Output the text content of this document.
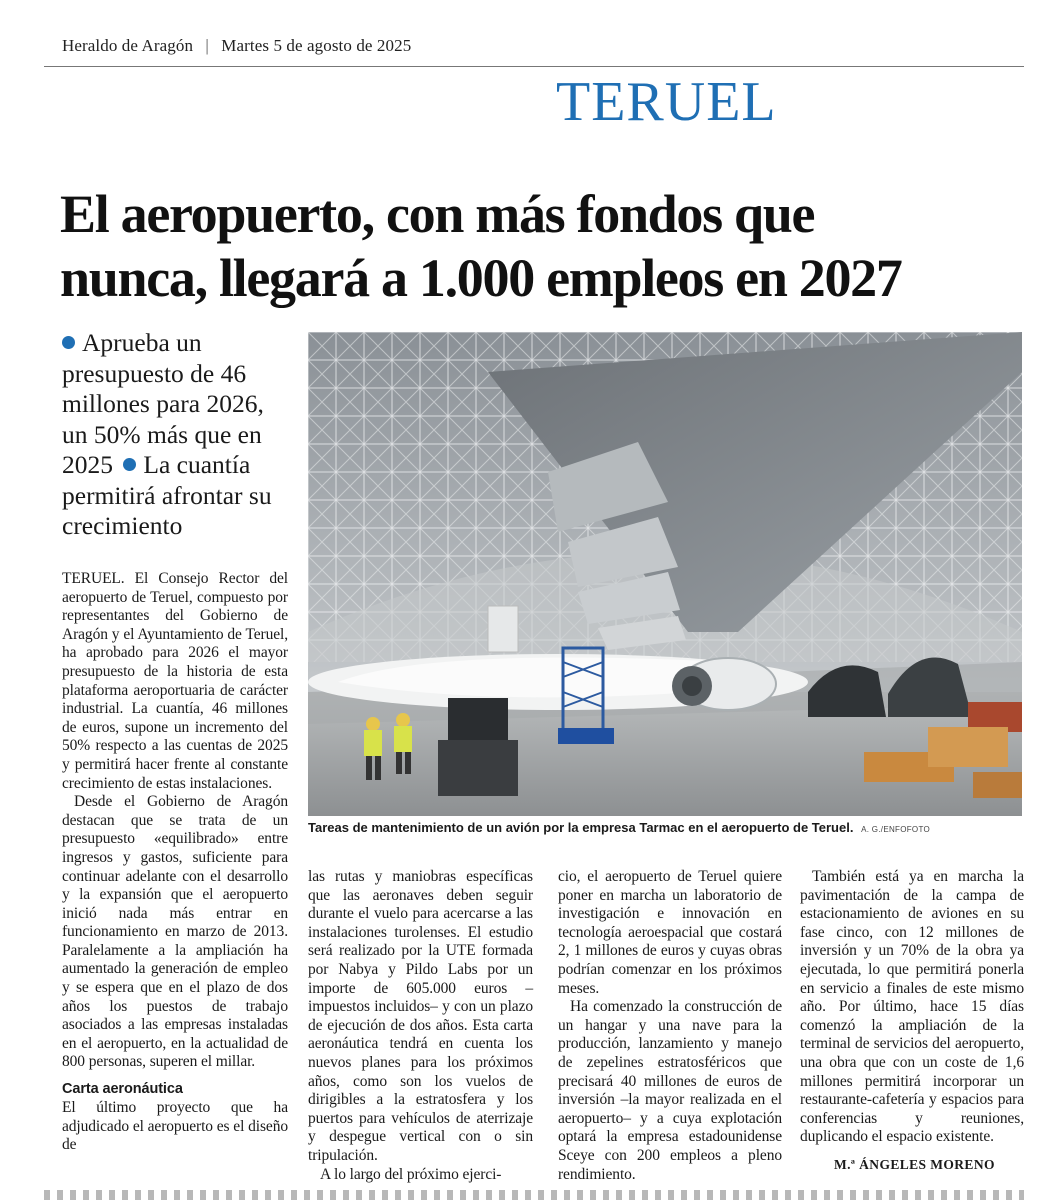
Heraldo de Aragón | Martes 5 de agosto de 2025
TERUEL
El aeropuerto, con más fondos que
nunca, llegará a 1.000 empleos en 2027
Aprueba un presupuesto de 46 millones para 2026, un 50% más que en 2025 La cuantía permitirá afrontar su crecimiento

TERUEL. El Consejo Rector del aeropuerto de Teruel, compuesto por representantes del Gobierno de Aragón y el Ayuntamiento de Teruel, ha aprobado para 2026 el mayor presupuesto de la historia de esta plataforma aeroportuaria de carácter industrial. La cuantía, 46 millones de euros, supone un incremento del 50% respecto a las cuentas de 2025 y permitirá hacer frente al constante crecimiento de estas instalaciones.

Desde el Gobierno de Aragón destacan que se trata de un presupuesto «equilibrado» entre ingresos y gastos, suficiente para continuar adelante con el desarrollo y la expansión que el aeropuerto inició nada más entrar en funcionamiento en marzo de 2013. Paralelamente a la ampliación ha aumentado la generación de empleo y se espera que en el plazo de dos años los puestos de trabajo asociados a las empresas instaladas en el aeropuerto, en la actualidad de 800 personas, superen el millar.

Carta aeronáutica

El último proyecto que ha adjudicado el aeropuerto es el diseño de

Tareas de mantenimiento de un avión por la empresa Tarmac en el aeropuerto de Teruel. A. G./ENFOFOTO

las rutas y maniobras específicas que las aeronaves deben seguir durante el vuelo para acercarse a las instalaciones turolenses. El estudio será realizado por la UTE formada por Nabya y Pildo Labs por un importe de 605.000 euros –impuestos incluidos– y con un plazo de ejecución de dos años. Esta carta aeronáutica tendrá en cuenta los nuevos planes para los próximos años, como son los vuelos de dirigibles a la estratosfera y los puertos para vehículos de aterrizaje y despegue vertical con o sin tripulación.

A lo largo del próximo ejerci-

cio, el aeropuerto de Teruel quiere poner en marcha un laboratorio de investigación e innovación en tecnología aeroespacial que costará 2, 1 millones de euros y cuyas obras podrían comenzar en los próximos meses.

Ha comenzado la construcción de un hangar y una nave para la producción, lanzamiento y manejo de zepelines estratosféricos que precisará 40 millones de euros de inversión –la mayor realizada en el aeropuerto– y a cuya explotación optará la empresa estadounidense Sceye con 200 empleos a pleno rendimiento.

También está ya en marcha la pavimentación de la campa de estacionamiento de aviones en su fase cinco, con 12 millones de inversión y un 70% de la obra ya ejecutada, lo que permitirá ponerla en servicio a finales de este mismo año. Por último, hace 15 días comenzó la ampliación de la terminal de servicios del aeropuerto, una obra que con un coste de 1,6 millones permitirá incorporar un restaurante-cafetería y espacios para conferencias y reuniones, duplicando el espacio existente.

M.ª ÁNGELES MORENO
